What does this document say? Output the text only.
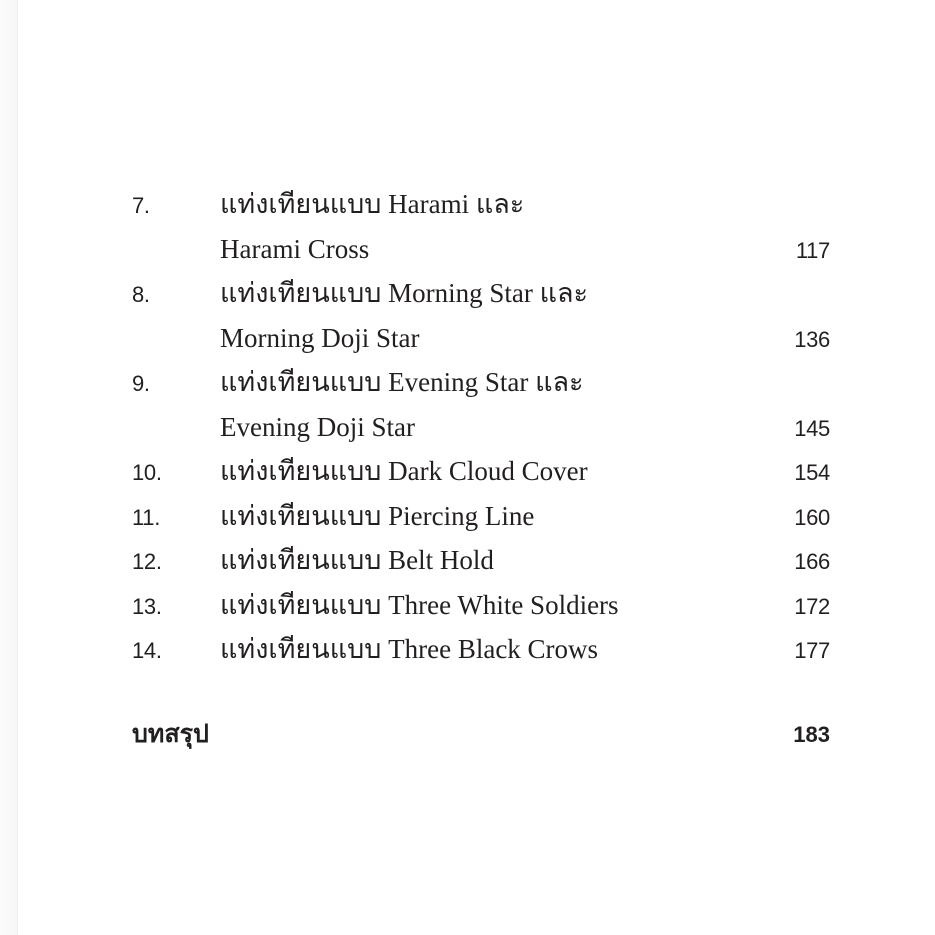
7.	แท่งเทียนแบบ Harami และ
Harami Cross	117
8.	แท่งเทียนแบบ Morning Star และ
Morning Doji Star	136
9.	แท่งเทียนแบบ Evening Star และ
Evening Doji Star	145
10. แท่งเทียนแบบ Dark Cloud Cover	154
11. แท่งเทียนแบบ Piercing Line	160
12. แท่งเทียนแบบ Belt Hold	166
13. แท่งเทียนแบบ Three White Soldiers	172
14. แท่งเทียนแบบ Three Black Crows	177
บทสรุป	183
